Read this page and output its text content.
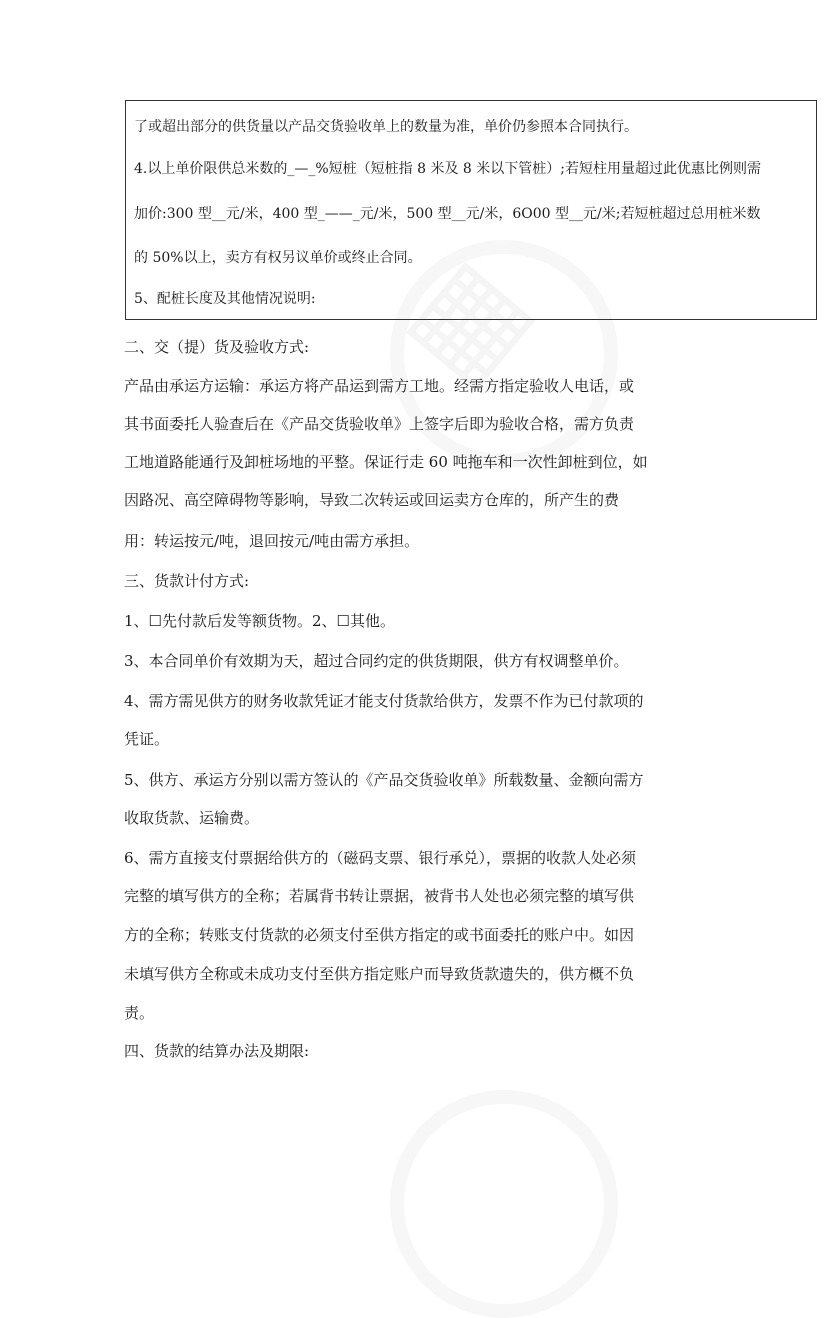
了或超出部分的供货量以产品交货验收单上的数量为准，单价仍参照本合同执行。
4.以上单价限供总米数的_—_%短桩（短桩指 8 米及 8 米以下管桩）;若短柱用量超过此优惠比例则需
加价:300 型__元/米，400 型_——_元/米，500 型__元/米，6O00 型__元/米;若短桩超过总用桩米数
的 50%以上，卖方有权另议单价或终止合同。
5、配桩长度及其他情况说明:
二、交（提）货及验收方式:
产品由承运方运输：承运方将产品运到需方工地。经需方指定验收人电话，或
其书面委托人验查后在《产品交货验收单》上签字后即为验收合格，需方负责
工地道路能通行及卸桩场地的平整。保证行走 60 吨拖车和一次性卸桩到位，如
因路况、高空障碍物等影响，导致二次转运或回运卖方仓库的，所产生的费
用：转运按元/吨，退回按元/吨由需方承担。
三、货款计付方式:
1、☐先付款后发等额货物。2、☐其他。
3、本合同单价有效期为天，超过合同约定的供货期限，供方有权调整单价。
4、需方需见供方的财务收款凭证才能支付货款给供方，发票不作为已付款项的
凭证。
5、供方、承运方分别以需方签认的《产品交货验收单》所载数量、金额向需方
收取货款、运输费。
6、需方直接支付票据给供方的（磁码支票、银行承兑），票据的收款人处必须
完整的填写供方的全称；若属背书转让票据，被背书人处也必须完整的填写供
方的全称；转账支付货款的必须支付至供方指定的或书面委托的账户中。如因
未填写供方全称或未成功支付至供方指定账户而导致货款遗失的，供方概不负
责。
四、货款的结算办法及期限:
